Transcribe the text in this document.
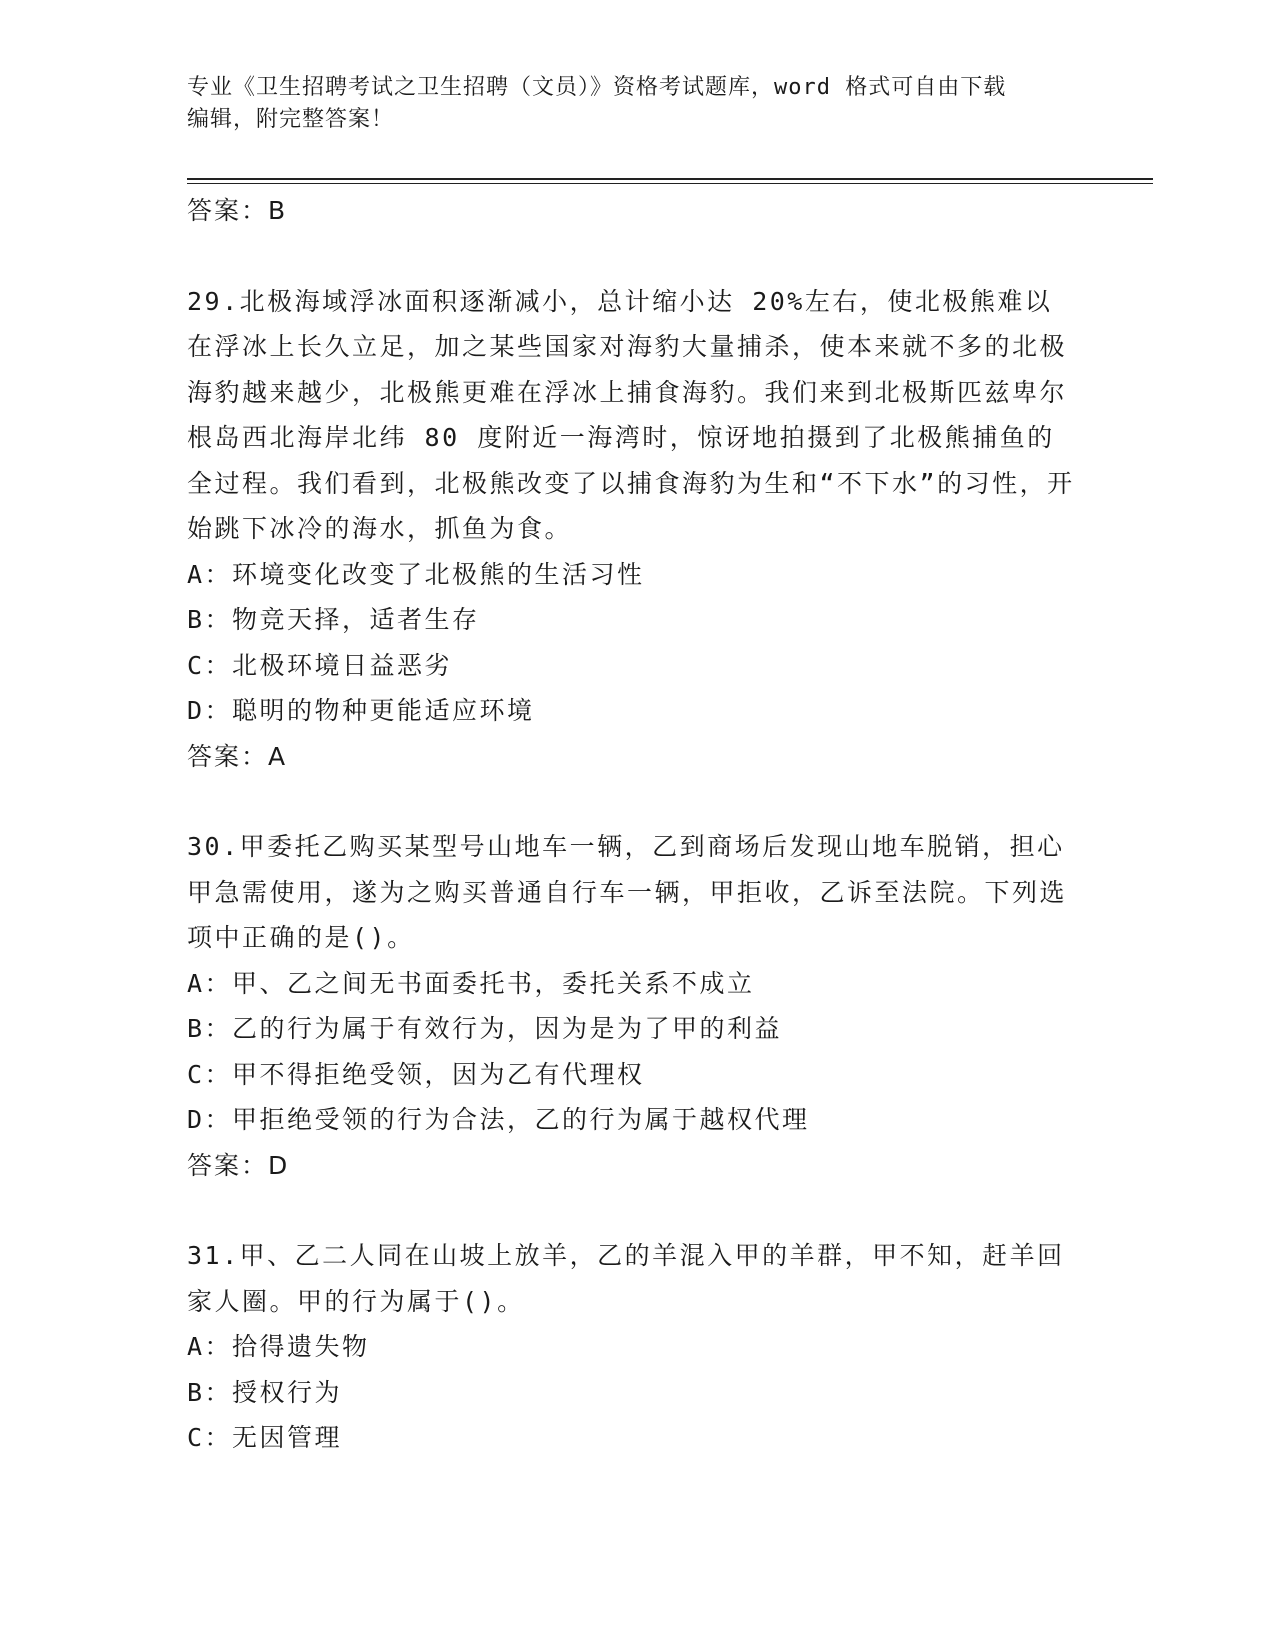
专业《卫生招聘考试之卫生招聘（文员）》资格考试题库，word 格式可自由下载
编辑，附完整答案！

答案：B

29.北极海域浮冰面积逐渐减小，总计缩小达 20%左右，使北极熊难以在浮冰上长久立足，加之某些国家对海豹大量捕杀，使本来就不多的北极海豹越来越少，北极熊更难在浮冰上捕食海豹。我们来到北极斯匹兹卑尔根岛西北海岸北纬 80 度附近一海湾时，惊讶地拍摄到了北极熊捕鱼的全过程。我们看到，北极熊改变了以捕食海豹为生和“不下水”的习性，开始跳下冰冷的海水，抓鱼为食。

A：环境变化改变了北极熊的生活习性

B：物竞天择，适者生存

C：北极环境日益恶劣

D：聪明的物种更能适应环境

答案：A

30.甲委托乙购买某型号山地车一辆，乙到商场后发现山地车脱销，担心甲急需使用，遂为之购买普通自行车一辆，甲拒收，乙诉至法院。下列选项中正确的是()。

A：甲、乙之间无书面委托书，委托关系不成立

B：乙的行为属于有效行为，因为是为了甲的利益

C：甲不得拒绝受领，因为乙有代理权

D：甲拒绝受领的行为合法，乙的行为属于越权代理

答案：D

31.甲、乙二人同在山坡上放羊，乙的羊混入甲的羊群，甲不知，赶羊回家人圈。甲的行为属于()。

A：拾得遗失物

B：授权行为

C：无因管理
